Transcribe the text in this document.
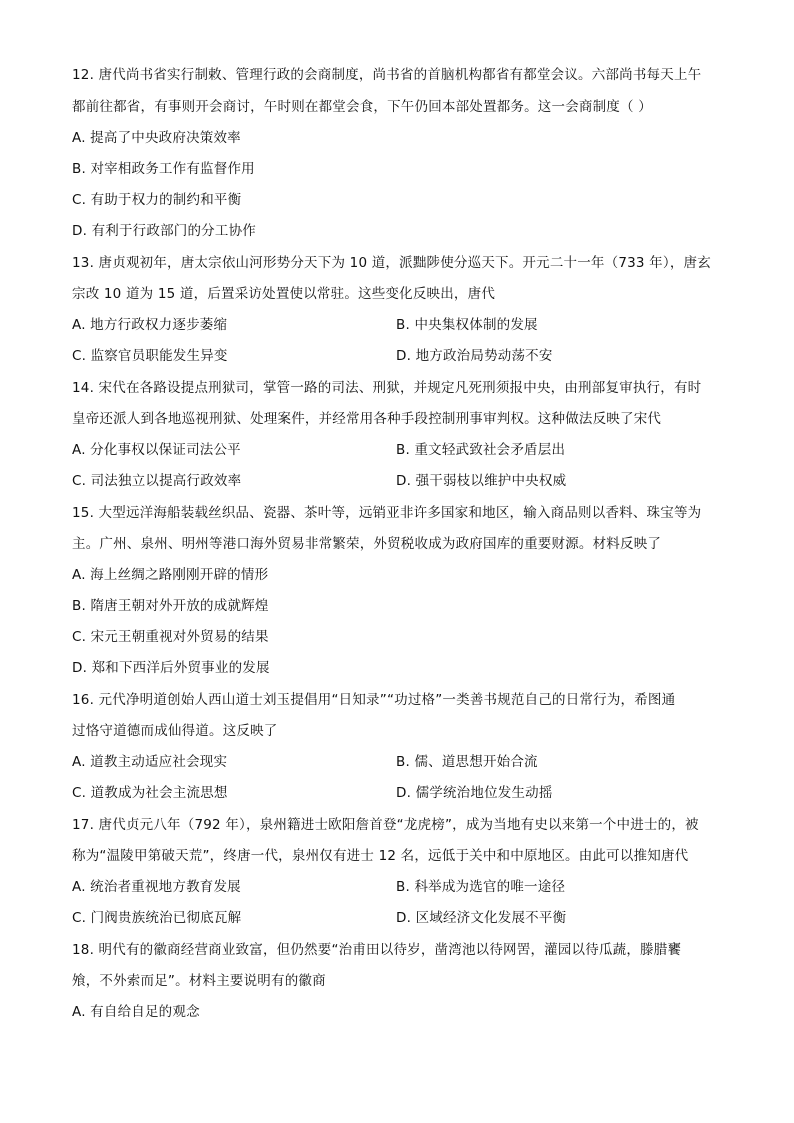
12. 唐代尚书省实行制敕、管理行政的会商制度，尚书省的首脑机构都省有都堂会议。六部尚书每天上午
都前往都省，有事则开会商讨，午时则在都堂会食，下午仍回本部处置都务。这一会商制度（ ）
A. 提高了中央政府决策效率
B. 对宰相政务工作有监督作用
C. 有助于权力的制约和平衡
D. 有利于行政部门的分工协作
13. 唐贞观初年，唐太宗依山河形势分天下为 10 道，派黜陟使分巡天下。开元二十一年（733 年），唐玄
宗改 10 道为 15 道，后置采访处置使以常驻。这些变化反映出，唐代
A. 地方行政权力逐步萎缩	B. 中央集权体制的发展
C. 监察官员职能发生异变	D. 地方政治局势动荡不安
14. 宋代在各路设提点刑狱司，掌管一路的司法、刑狱，并规定凡死刑须报中央，由刑部复审执行，有时
皇帝还派人到各地巡视刑狱、处理案件，并经常用各种手段控制刑事审判权。这种做法反映了宋代
A. 分化事权以保证司法公平	B. 重文轻武致社会矛盾层出
C. 司法独立以提高行政效率	D. 强干弱枝以维护中央权威
15. 大型远洋海船装载丝织品、瓷器、茶叶等，远销亚非许多国家和地区，输入商品则以香料、珠宝等为
主。广州、泉州、明州等港口海外贸易非常繁荣，外贸税收成为政府国库的重要财源。材料反映了
A. 海上丝绸之路刚刚开辟的情形
B. 隋唐王朝对外开放的成就辉煌
C. 宋元王朝重视对外贸易的结果
D. 郑和下西洋后外贸事业的发展
16. 元代净明道创始人西山道士刘玉提倡用“日知录”“功过格”一类善书规范自己的日常行为，希图通
过恪守道德而成仙得道。这反映了
A. 道教主动适应社会现实	B. 儒、道思想开始合流
C. 道教成为社会主流思想	D. 儒学统治地位发生动摇
17. 唐代贞元八年（792 年），泉州籍进士欧阳詹首登“龙虎榜”，成为当地有史以来第一个中进士的，被
称为“温陵甲第破天荒”，终唐一代，泉州仅有进士 12 名，远低于关中和中原地区。由此可以推知唐代
A. 统治者重视地方教育发展	B. 科举成为选官的唯一途径
C. 门阀贵族统治已彻底瓦解	D. 区域经济文化发展不平衡
18. 明代有的徽商经营商业致富，但仍然要“治甫田以待岁，凿湾池以待网罟，灌园以待瓜蔬，滕腊饔
飧，不外索而足”。材料主要说明有的徽商
A. 有自给自足的观念
